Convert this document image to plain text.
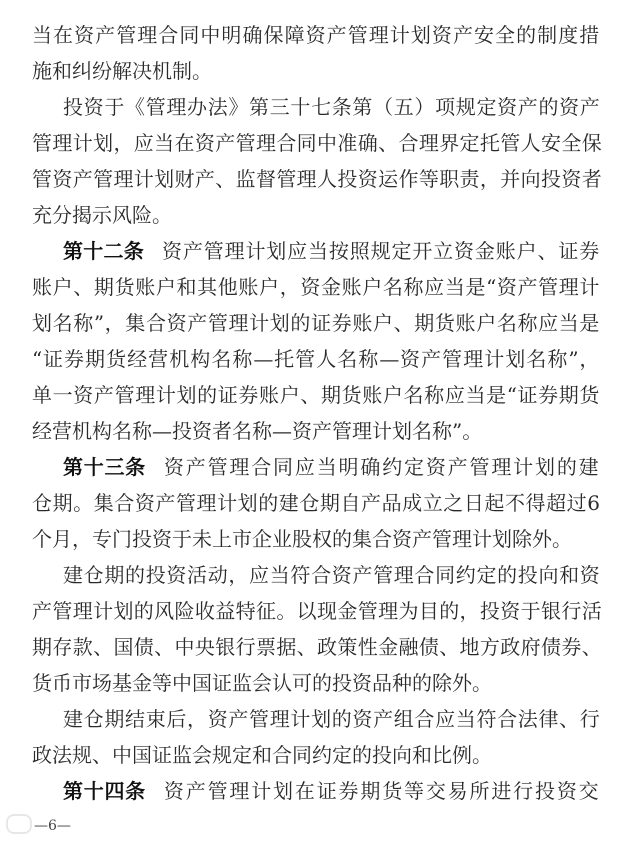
当 在 资 产 管 理 合 同 中 明 确 保 障 资 产 管 理 计 划 资 产 安 全 的 制 度 措
施和纠纷解决机制。
投 资 于 《 管 理 办 法 》 第 三 十 七 条 第 （ 五 ） 项 规 定 资 产 的 资 产
管 理 计 划 ， 应 当 在 资 产 管 理 合 同 中 准 确 、 合 理 界 定 托 管 人 安 全 保
管 资 产 管 理 计 划 财 产 、 监 督 管 理 人 投 资 运 作 等 职 责 ， 并 向 投 资 者
充分揭示风险。
第十二条 资 产 管 理 计 划 应 当 按 照 规 定 开 立 资 金 账 户 、 证 券
账 户 、 期 货 账 户 和 其 他 账 户 ， 资 金 账 户 名 称 应 当 是 “ 资 产 管 理 计
划 名 称 ” ， 集 合 资 产 管 理 计 划 的 证 券 账 户 、 期 货 账 户 名 称 应 当 是
“ 证 券 期 货 经 营 机 构 名 称 — 托 管 人 名 称 — 资 产 管 理 计 划 名 称 ” ，
单 一 资 产 管 理 计 划 的 证 券 账 户 、 期 货 账 户 名 称 应 当 是 “ 证 券 期 货
经营机构名称—投资者名称—资产管理计划名称”。
第十三条 资 产 管 理 合 同 应 当 明 确 约 定 资 产 管 理 计 划 的 建
仓 期 。 集 合 资 产 管 理 计 划 的 建 仓 期 自 产 品 成 立 之 日 起 不 得 超 过 6
个月，专门投资于未上市企业股权的集合资产管理计划除外。
建 仓 期 的 投 资 活 动 ， 应 当 符 合 资 产 管 理 合 同 约 定 的 投 向 和 资
产 管 理 计 划 的 风 险 收 益 特 征 。 以 现 金 管 理 为 目 的 ， 投 资 于 银 行 活
期 存 款 、 国 债 、 中 央 银 行 票 据 、 政 策 性 金 融 债 、 地 方 政 府 债 券 、
货币市场基金等中国证监会认可的投资品种的除外。
建 仓 期 结 束 后 ， 资 产 管 理 计 划 的 资 产 组 合 应 当 符 合 法 律 、 行
政法规、中国证监会规定和合同约定的投向和比例。
第十四条 资 产 管 理 计 划 在 证 券 期 货 等 交 易 所 进 行 投 资 交
—6—
